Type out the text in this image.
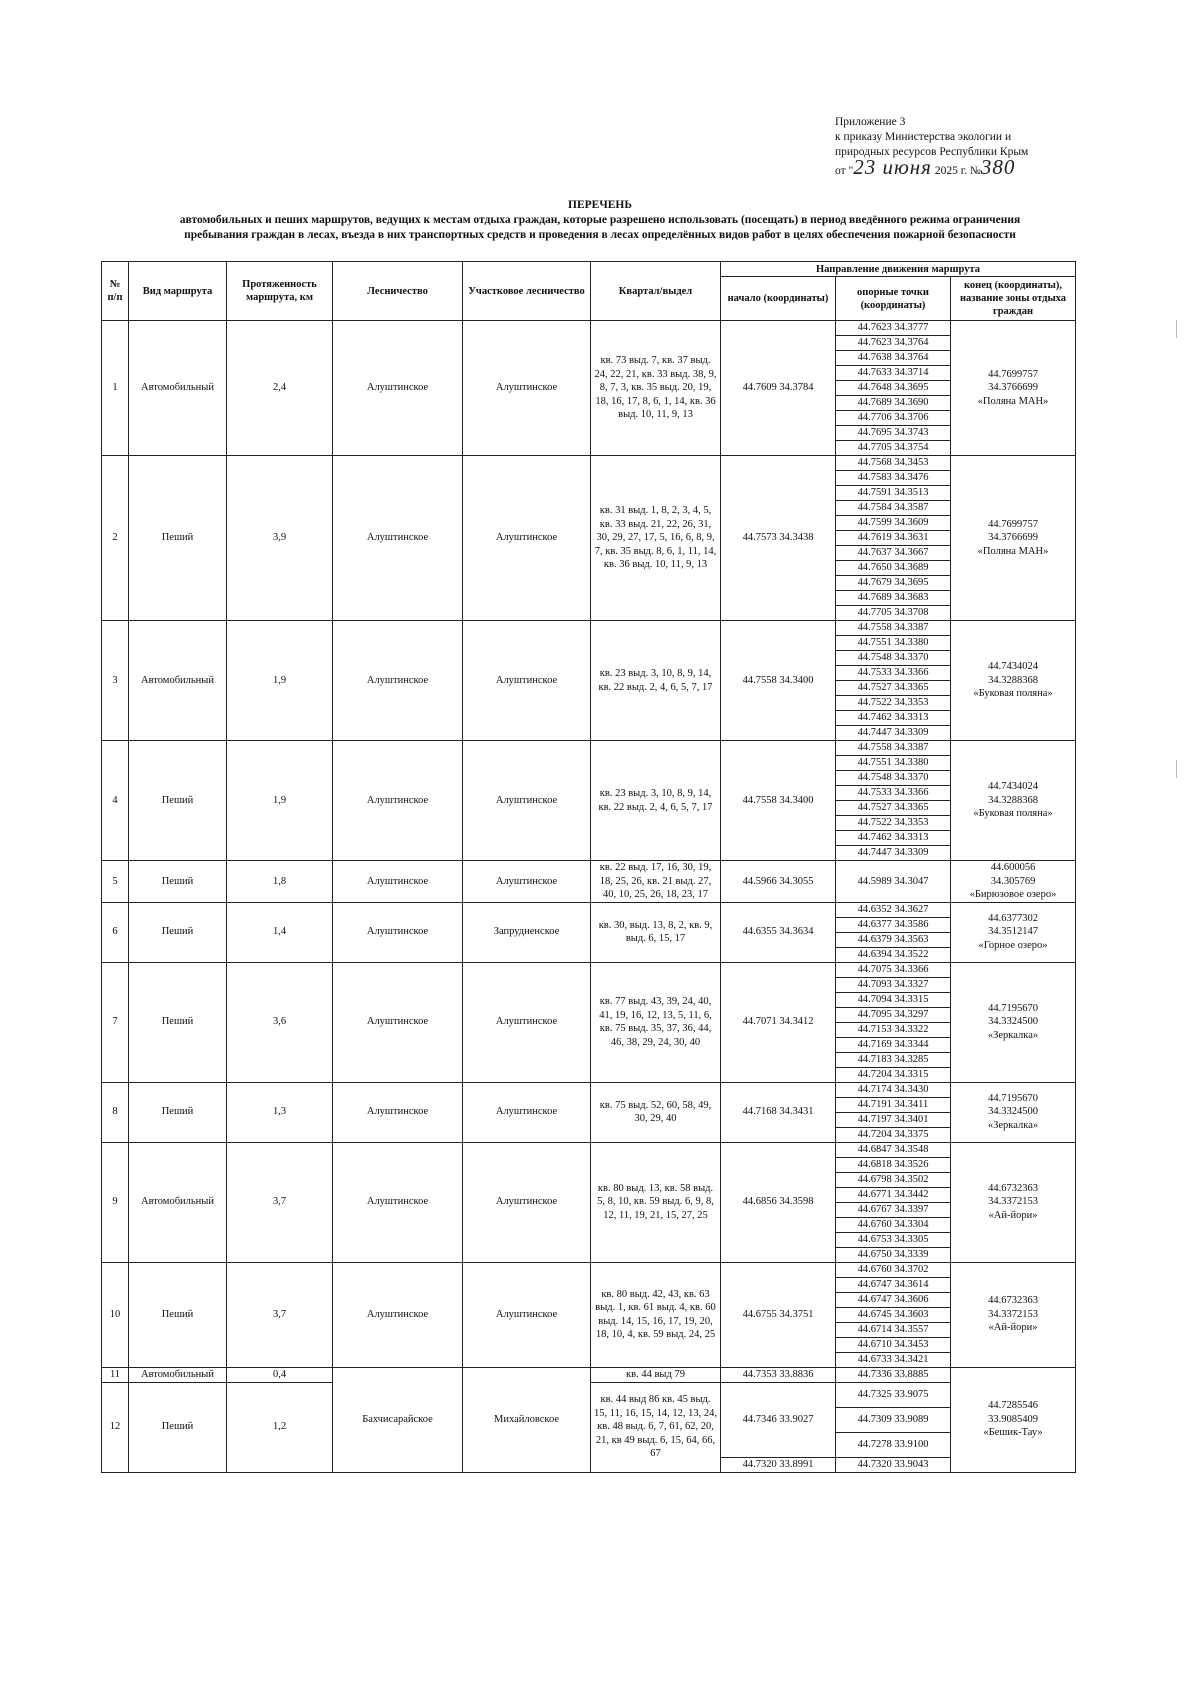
Приложение 3
к приказу Министерства экологии и
природных ресурсов Республики Крым
от "23 июня 2025 г. №380
ПЕРЕЧЕНЬ
автомобильных и пеших маршрутов, ведущих к местам отдыха граждан, которые разрешено использовать (посещать) в период введённого режима ограничения
пребывания граждан в лесах, въезда в них транспортных средств и проведения в лесах определённых видов работ в целях обеспечения пожарной безопасности
№ п/п	Вид маршрута	Протяженность маршрута, км	Лесничество	Участковое лесничество	Квартал/выдел	Направление движения маршрута		
						начало (координаты)	опорные точки (координаты)	конец (координаты), название зоны отдыха граждан
1	Автомобильный	2,4	Алуштинское	Алуштинское	кв. 73 выд. 7, кв. 37 выд. 24, 22, 21, кв. 33 выд. 38, 9, 8, 7, 3, кв. 35 выд. 20, 19, 18, 16, 17, 8, 6, 1, 14, кв. 36 выд. 10, 11, 9, 13	44.7609 34.3784	44.7623 34.3777	44.7699757
34.3766699
«Поляна МАН»

							44.7623 34.3764	
							44.7638 34.3764	
							44.7633 34.3714	
							44.7648 34.3695	
							44.7689 34.3690	
							44.7706 34.3706	
							44.7695 34.3743	
							44.7705 34.3754	
2	Пеший	3,9	Алуштинское	Алуштинское	кв. 31 выд. 1, 8, 2, 3, 4, 5, кв. 33 выд. 21, 22, 26, 31, 30, 29, 27, 17, 5, 16, 6, 8, 9, 7, кв. 35 выд. 8, 6, 1, 11, 14, кв. 36 выд. 10, 11, 9, 13	44.7573 34.3438	44.7568 34.3453	44.7699757
34.3766699
«Поляна МАН»

							44.7583 34.3476	
							44.7591 34.3513	
							44.7584 34.3587	
							44.7599 34.3609	
							44.7619 34.3631	
							44.7637 34.3667	
							44.7650 34.3689	
							44.7679 34.3695	
							44.7689 34.3683	
							44.7705 34.3708	
3	Автомобильный	1,9	Алуштинское	Алуштинское	кв. 23 выд. 3, 10, 8, 9, 14, кв. 22 выд. 2, 4, 6, 5, 7, 17	44.7558 34.3400	44.7558 34.3387	44.7434024
34.3288368
«Буковая поляна»

							44.7551 34.3380	
							44.7548 34.3370	
							44.7533 34.3366	
							44.7527 34.3365	
							44.7522 34.3353	
							44.7462 34.3313	
							44.7447 34.3309	
4	Пеший	1,9	Алуштинское	Алуштинское	кв. 23 выд. 3, 10, 8, 9, 14, кв. 22 выд. 2, 4, 6, 5, 7, 17	44.7558 34.3400	44.7558 34.3387	44.7434024
34.3288368
«Буковая поляна»

							44.7551 34.3380	
							44.7548 34.3370	
							44.7533 34.3366	
							44.7527 34.3365	
							44.7522 34.3353	
							44.7462 34.3313	
							44.7447 34.3309	
5	Пеший	1,8	Алуштинское	Алуштинское	кв. 22 выд. 17, 16, 30, 19, 18, 25, 26, кв. 21 выд. 27, 40, 10, 25, 26, 18, 23, 17	44.5966 34.3055	44.5989 34.3047	44.600056
34.305769
«Бирюзовое озеро»

6	Пеший	1,4	Алуштинское	Запрудненское	кв. 30, выд. 13, 8, 2, кв. 9, выд. 6, 15, 17	44.6355 34.3634	44.6352 34.3627	44.6377302
34.3512147
«Горное озеро»

							44.6377 34.3586	
							44.6379 34.3563	
							44.6394 34.3522	
7	Пеший	3,6	Алуштинское	Алуштинское	кв. 77 выд. 43, 39, 24, 40, 41, 19, 16, 12, 13, 5, 11, 6, кв. 75 выд. 35, 37, 36, 44, 46, 38, 29, 24, 30, 40	44.7071 34.3412	44.7075 34.3366	44.7195670
34.3324500
«Зеркалка»

							44.7093 34.3327	
							44.7094 34.3315	
							44.7095 34.3297	
							44.7153 34.3322	
							44.7169 34.3344	
							44.7183 34.3285	
							44.7204 34.3315	
8	Пеший	1,3	Алуштинское	Алуштинское	кв. 75 выд. 52, 60, 58, 49, 30, 29, 40	44.7168 34.3431	44.7174 34.3430	44.7195670
34.3324500
«Зеркалка»

							44.7191 34.3411	
							44.7197 34.3401	
							44.7204 34.3375	
9	Автомобильный	3,7	Алуштинское	Алуштинское	кв. 80 выд. 13, кв. 58 выд. 5, 8, 10, кв. 59 выд. 6, 9, 8, 12, 11, 19, 21, 15, 27, 25	44.6856 34.3598	44.6847 34.3548	44.6732363
34.3372153
«Ай-йори»

							44.6818 34.3526	
							44.6798 34.3502	
							44.6771 34.3442	
							44.6767 34.3397	
							44.6760 34.3304	
							44.6753 34.3305	
							44.6750 34.3339	
10	Пеший	3,7	Алуштинское	Алуштинское	кв. 80 выд. 42, 43, кв. 63 выд. 1, кв. 61 выд. 4, кв. 60 выд. 14, 15, 16, 17, 19, 20, 18, 10, 4, кв. 59 выд. 24, 25	44.6755 34.3751	44.6760 34.3702	44.6732363
34.3372153
«Ай-йори»

							44.6747 34.3614	
							44.6747 34.3606	
							44.6745 34.3603	
							44.6714 34.3557	
							44.6710 34.3453	
							44.6733 34.3421	
11	Автомобильный	0,4	Бахчисарайское	Михайловское	кв. 44 выд 79	44.7353 33.8836	44.7336 33.8885	44.7285546
33.9085409
«Бешик-Тау»

12	Пеший	1,2			кв. 44 выд 86 кв. 45 выд. 15, 11, 16, 15, 14, 12, 13, 24, кв. 48 выд. 6, 7, 61, 62, 20, 21, кв 49 выд. 6, 15, 64, 66, 67	44.7346 33.9027	44.7325 33.9075	
							44.7309 33.9089	
							44.7278 33.9100	
						44.7320 33.8991	44.7320 33.9043	
